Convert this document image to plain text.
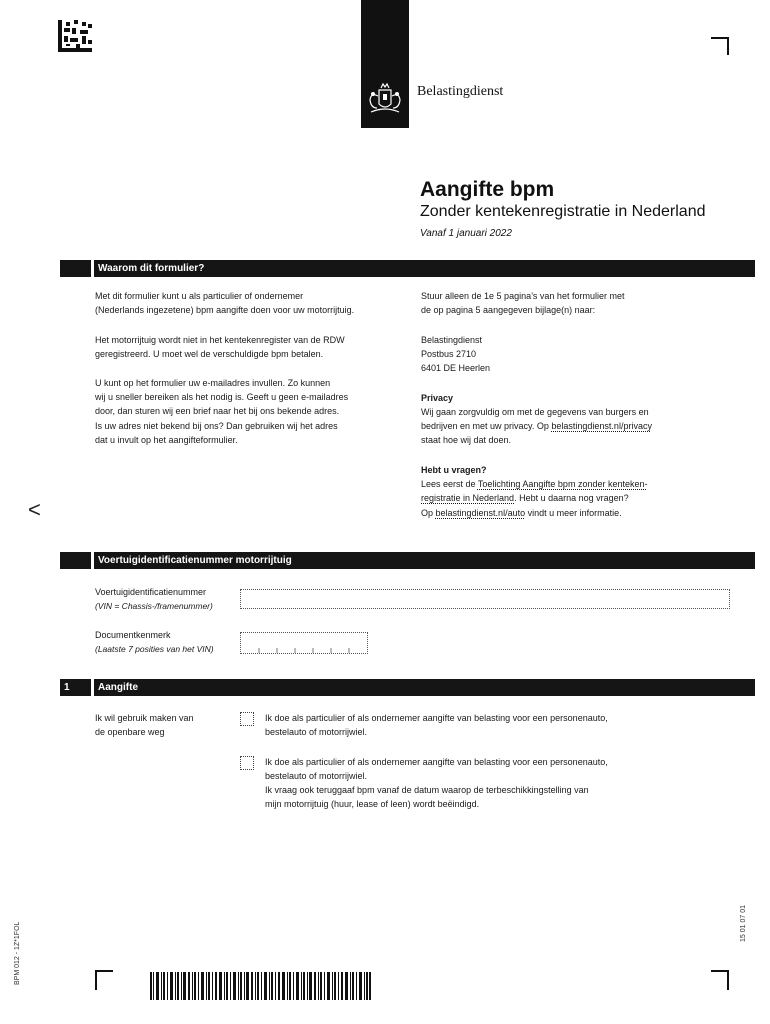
Belastingdienst
Aangifte bpm
Zonder kentekenregistratie in Nederland
Vanaf 1 januari 2022
Waarom dit formulier?
Met dit formulier kunt u als particulier of ondernemer
(Nederlands ingezetene) bpm aangifte doen voor uw motorrijtuig.
Het motorrijtuig wordt niet in het kentekenregister van de RDW
geregistreerd. U moet wel de verschuldigde bpm betalen.
U kunt op het formulier uw e-mailadres invullen. Zo kunnen
wij u sneller bereiken als het nodig is. Geeft u geen e-mailadres
door, dan sturen wij een brief naar het bij ons bekende adres.
Is uw adres niet bekend bij ons? Dan gebruiken wij het adres
dat u invult op het aangifteformulier.
Stuur alleen de 1e 5 pagina’s van het formulier met
de op pagina 5 aangegeven bijlage(n) naar:
Belastingdienst
Postbus 2710
6401 DE Heerlen
Privacy
Wij gaan zorgvuldig om met de gegevens van burgers en
bedrijven en met uw privacy. Op belastingdienst.nl/privacy
staat hoe wij dat doen.
Hebt u vragen?
Lees eerst de Toelichting Aangifte bpm zonder kenteken-
registratie in Nederland. Hebt u daarna nog vragen?
Op belastingdienst.nl/auto vindt u meer informatie.
<
Voertuigidentificatienummer motorrijtuig
Voertuigidentificatienummer
(VIN = Chassis-/framenummer)
Documentkenmerk
(Laatste 7 posities van het VIN)
1	Aangifte
Ik wil gebruik maken van
de openbare weg
Ik doe als particulier of als ondernemer aangifte van belasting voor een personenauto,
bestelauto of motorrijwiel.
Ik doe als particulier of als ondernemer aangifte van belasting voor een personenauto,
bestelauto of motorrijwiel.
Ik vraag ook teruggaaf bpm vanaf de datum waarop de terbeschikkingstelling van
mijn motorrijtuig (huur, lease of leen) wordt beëindigd.
BPM 012 - 1Z*1FOL	15 01 07 01
